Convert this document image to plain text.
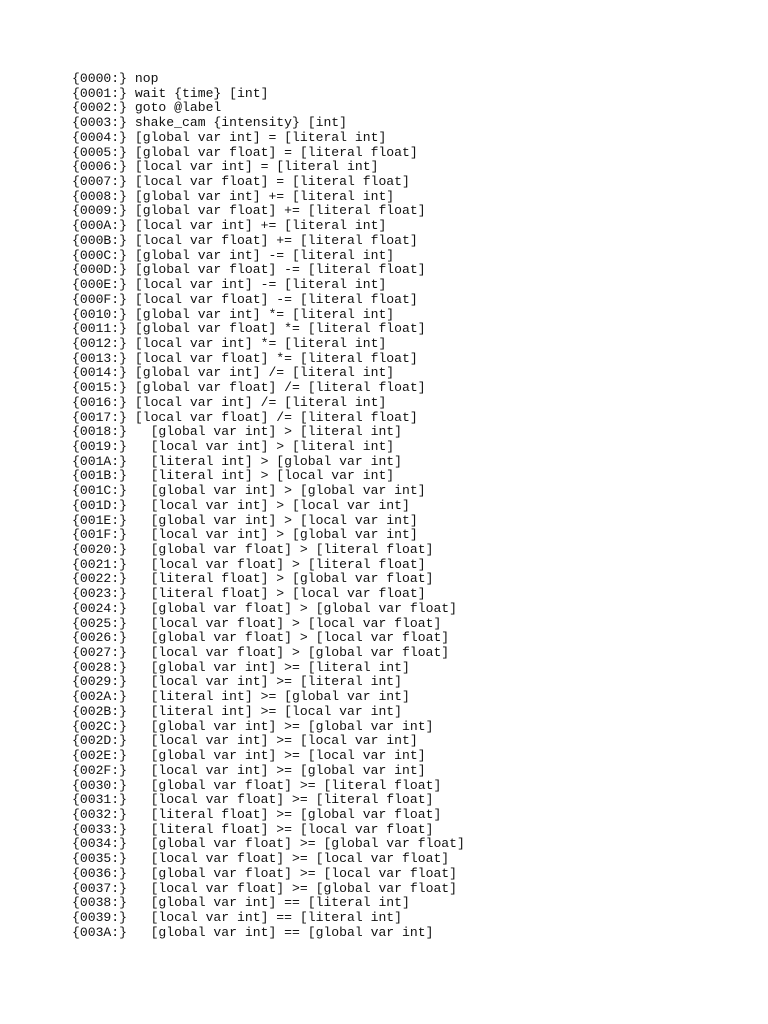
{0000:} nop
{0001:} wait {time} [int]
{0002:} goto @label
{0003:} shake_cam {intensity} [int]
{0004:} [global var int] = [literal int]
{0005:} [global var float] = [literal float]
{0006:} [local var int] = [literal int]
{0007:} [local var float] = [literal float]
{0008:} [global var int] += [literal int]
{0009:} [global var float] += [literal float]
{000A:} [local var int] += [literal int]
{000B:} [local var float] += [literal float]
{000C:} [global var int] -= [literal int]
{000D:} [global var float] -= [literal float]
{000E:} [local var int] -= [literal int]
{000F:} [local var float] -= [literal float]
{0010:} [global var int] *= [literal int]
{0011:} [global var float] *= [literal float]
{0012:} [local var int] *= [literal int]
{0013:} [local var float] *= [literal float]
{0014:} [global var int] /= [literal int]
{0015:} [global var float] /= [literal float]
{0016:} [local var int] /= [literal int]
{0017:} [local var float] /= [literal float]
{0018:}   [global var int] > [literal int]
{0019:}   [local var int] > [literal int]
{001A:}   [literal int] > [global var int]
{001B:}   [literal int] > [local var int]
{001C:}   [global var int] > [global var int]
{001D:}   [local var int] > [local var int]
{001E:}   [global var int] > [local var int]
{001F:}   [local var int] > [global var int]
{0020:}   [global var float] > [literal float]
{0021:}   [local var float] > [literal float]
{0022:}   [literal float] > [global var float]
{0023:}   [literal float] > [local var float]
{0024:}   [global var float] > [global var float]
{0025:}   [local var float] > [local var float]
{0026:}   [global var float] > [local var float]
{0027:}   [local var float] > [global var float]
{0028:}   [global var int] >= [literal int]
{0029:}   [local var int] >= [literal int]
{002A:}   [literal int] >= [global var int]
{002B:}   [literal int] >= [local var int]
{002C:}   [global var int] >= [global var int]
{002D:}   [local var int] >= [local var int]
{002E:}   [global var int] >= [local var int]
{002F:}   [local var int] >= [global var int]
{0030:}   [global var float] >= [literal float]
{0031:}   [local var float] >= [literal float]
{0032:}   [literal float] >= [global var float]
{0033:}   [literal float] >= [local var float]
{0034:}   [global var float] >= [global var float]
{0035:}   [local var float] >= [local var float]
{0036:}   [global var float] >= [local var float]
{0037:}   [local var float] >= [global var float]
{0038:}   [global var int] == [literal int]
{0039:}   [local var int] == [literal int]
{003A:}   [global var int] == [global var int]
